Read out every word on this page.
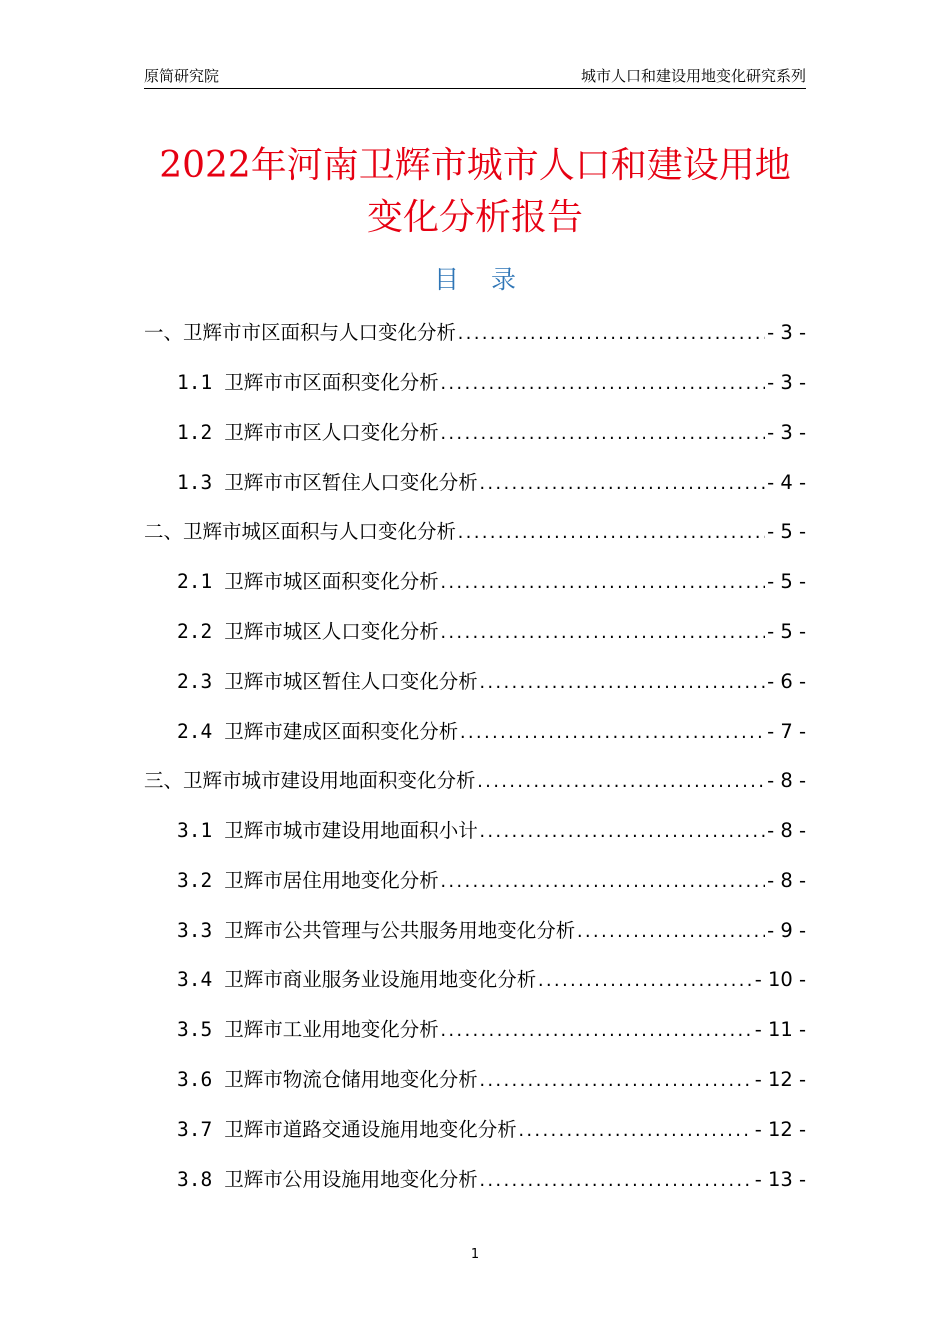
原简研究院	城市人口和建设用地变化研究系列
2022年河南卫辉市城市人口和建设用地
变化分析报告
目 录
一、卫辉市市区面积与人口变化分析 .....	- 3 -
1.1 卫辉市市区面积变化分析 .....	- 3 -
1.2 卫辉市市区人口变化分析 .....	- 3 -
1.3 卫辉市市区暂住人口变化分析 .....	- 4 -
二、卫辉市城区面积与人口变化分析 .....	- 5 -
2.1 卫辉市城区面积变化分析 .....	- 5 -
2.2 卫辉市城区人口变化分析 .....	- 5 -
2.3 卫辉市城区暂住人口变化分析 .....	- 6 -
2.4 卫辉市建成区面积变化分析 .....	- 7 -
三、卫辉市城市建设用地面积变化分析 .....	- 8 -
3.1 卫辉市城市建设用地面积小计 .....	- 8 -
3.2 卫辉市居住用地变化分析 .....	- 8 -
3.3 卫辉市公共管理与公共服务用地变化分析 .....	- 9 -
3.4 卫辉市商业服务业设施用地变化分析 .....	- 10 -
3.5 卫辉市工业用地变化分析 .....	- 11 -
3.6 卫辉市物流仓储用地变化分析 .....	- 12 -
3.7 卫辉市道路交通设施用地变化分析 .....	- 12 -
3.8 卫辉市公用设施用地变化分析 .....	- 13 -
1
